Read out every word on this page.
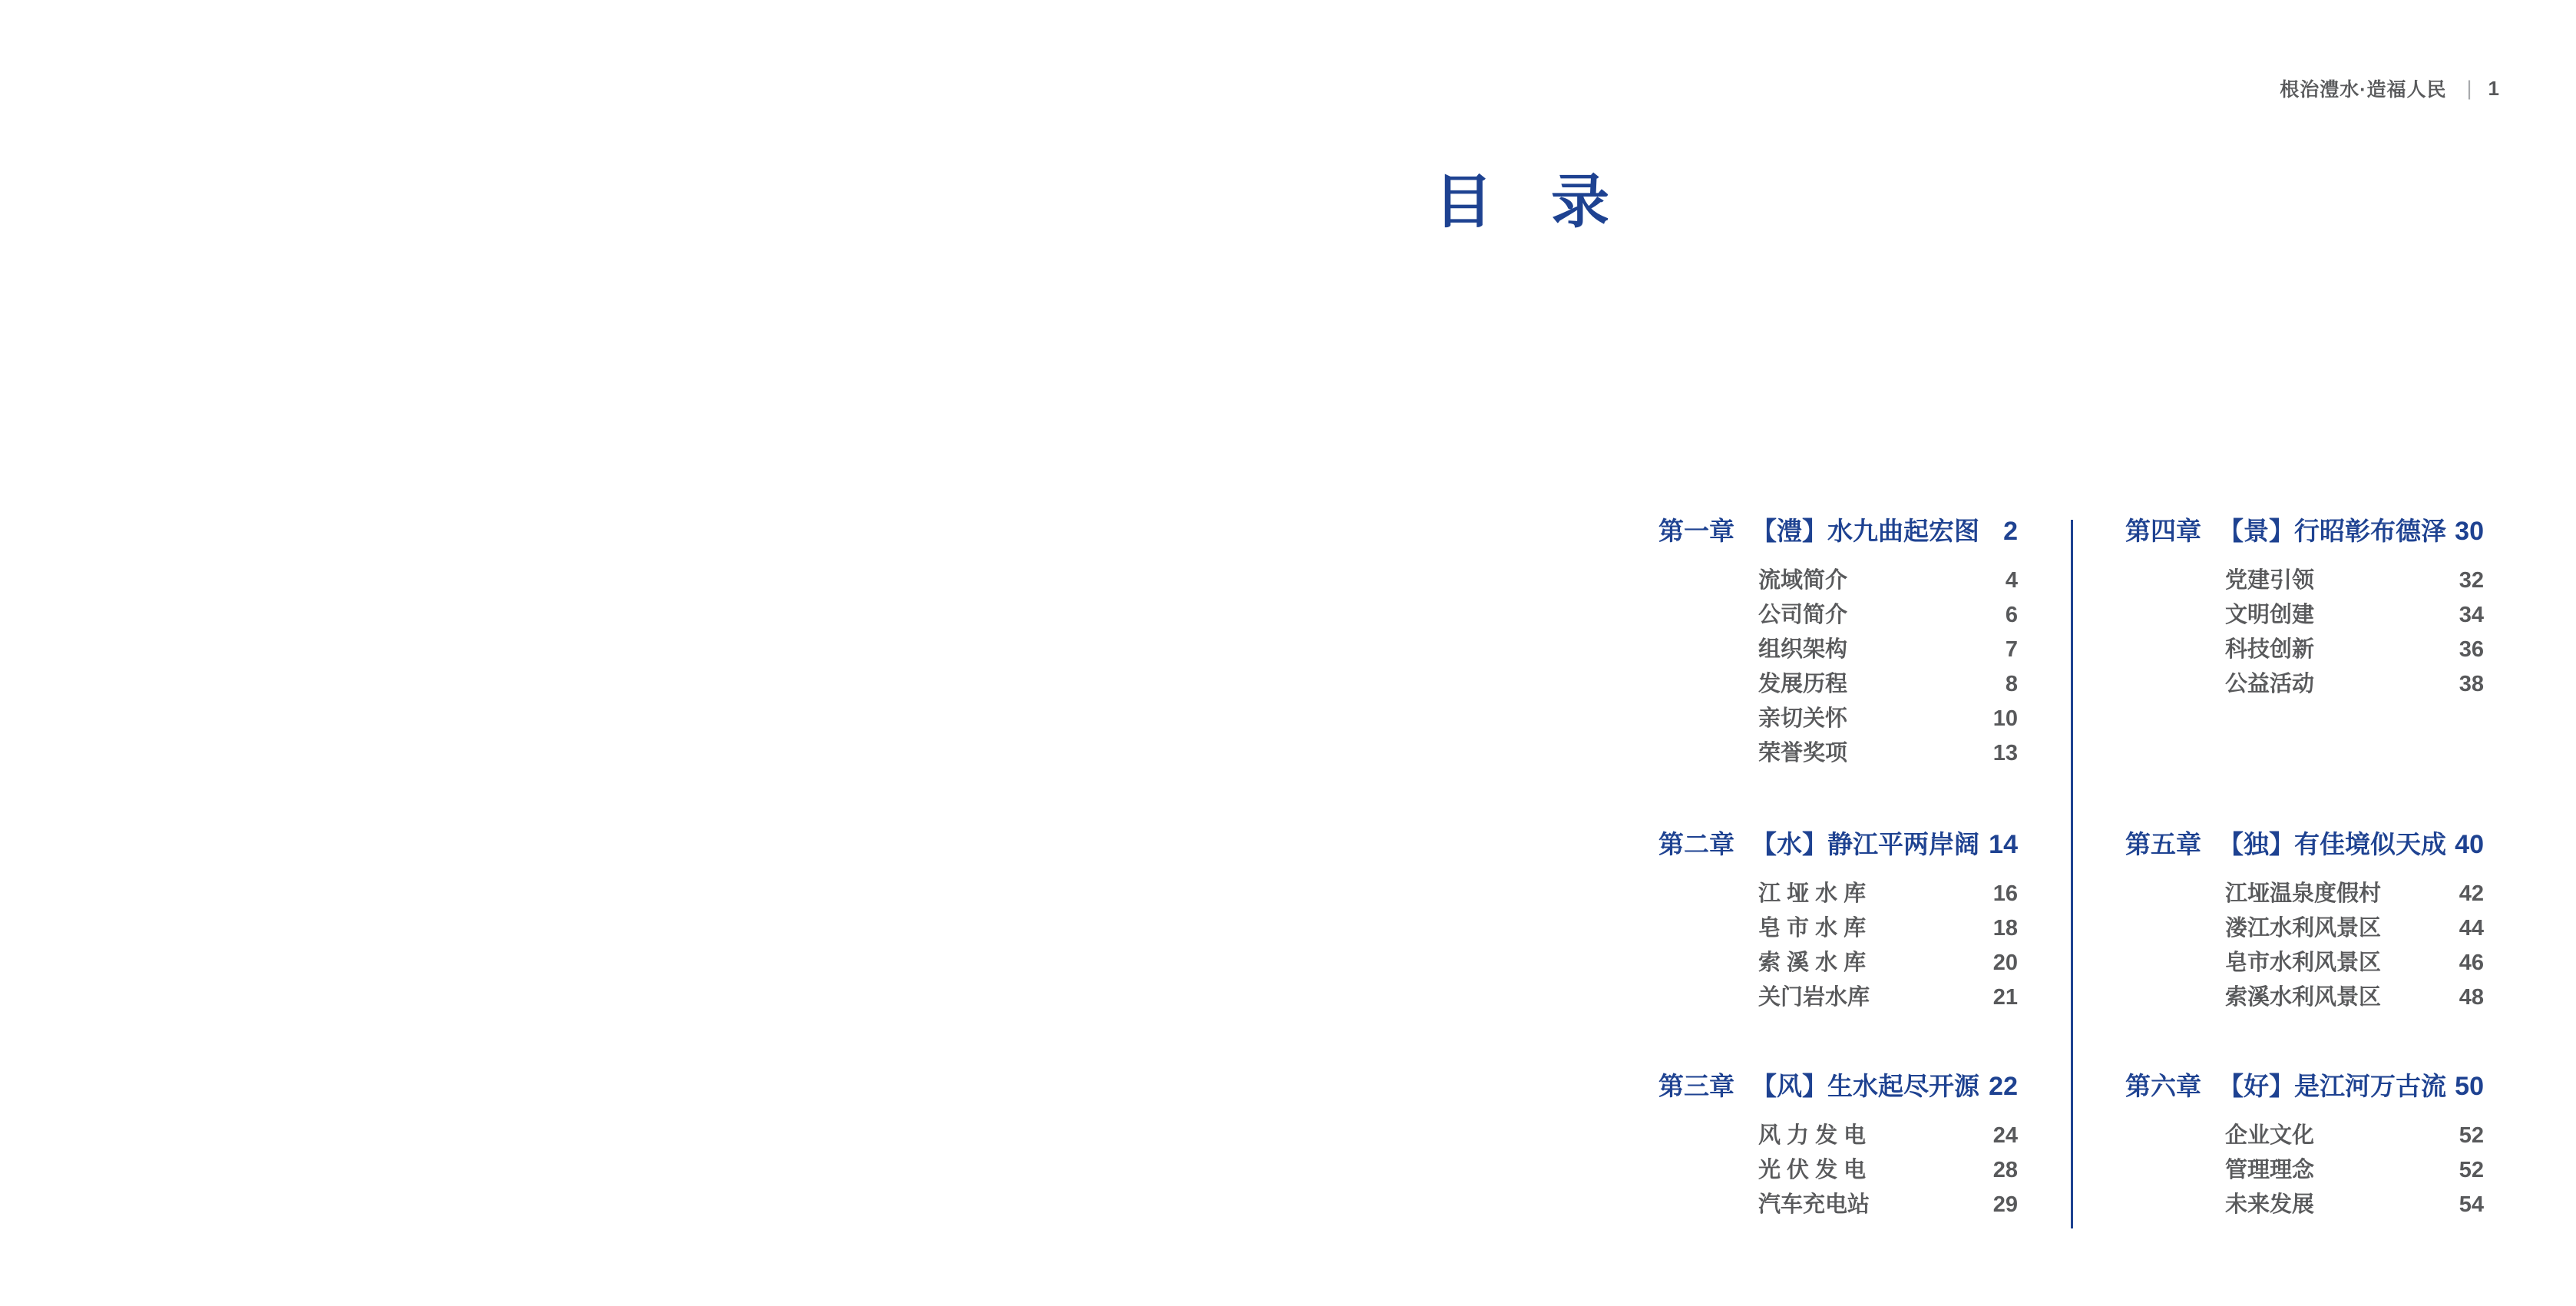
根治澧水·造福人民 | 1
目　录
第一章 【澧】水九曲起宏图 2
流域简介	4
公司简介	6
组织架构	7
发展历程	8
亲切关怀	10
荣誉奖项	13
第二章 【水】静江平两岸阔 14
江 垭 水 库	16
皂 市 水 库	18
索 溪 水 库	20
关门岩水库	21
第三章 【风】生水起尽开源 22
风 力 发 电	24
光 伏 发 电	28
汽车充电站	29
第四章 【景】行昭彰布德泽 30
党建引领	32
文明创建	34
科技创新	36
公益活动	38
第五章 【独】有佳境似天成 40
江垭温泉度假村	42
溇江水利风景区	44
皂市水利风景区	46
索溪水利风景区	48
第六章 【好】是江河万古流 50
企业文化	52
管理理念	52
未来发展	54
